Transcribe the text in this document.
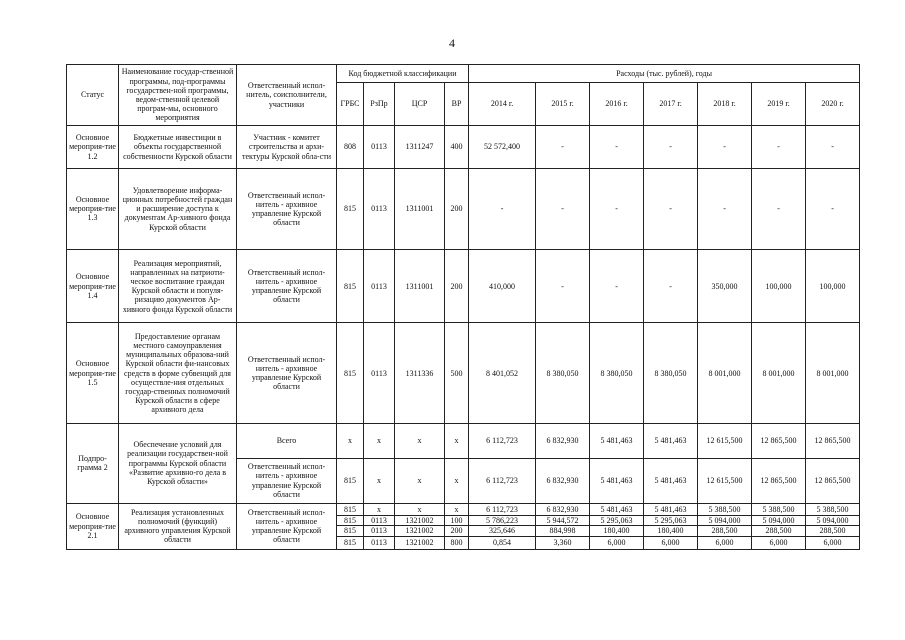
4
Статус	Наименование государ-ственной программы, под-программы государствен-ной программы, ведом-ственной целевой програм-мы, основного мероприятия	Ответственный испол-нитель, соисполнители, участники	Код бюджетной классификации				Расходы (тыс. рублей), годы						
			ГРБС	РзПр	ЦСР	ВР	2014 г.	2015 г.	2016 г.	2017 г.	2018 г.	2019 г.	2020 г.
Основное мероприя-тие 1.2	Бюджетные инвестиции в объекты государственной собственности Курской области	Участник - комитет строительства и архи-тектуры Курской обла-сти	808	0113	1311247	400	52 572,400	-	-	-	-	-	-
Основное мероприя-тие 1.3	Удовлетворение информа-ционных потребностей граждан и расширение доступа к документам Ар-хивного фонда Курской области	Ответственный испол-нитель - архивное управление Курской области	815	0113	1311001	200	-	-	-	-	-	-	-
Основное мероприя-тие 1.4	Реализация мероприятий, направленных на патриоти-ческое воспитание граждан Курской области и популя-ризацию документов Ар-хивного фонда Курской области	Ответственный испол-нитель - архивное управление Курской области	815	0113	1311001	200	410,000	-	-	-	350,000	100,000	100,000
Основное мероприя-тие 1.5	Предоставление органам местного самоуправления муниципальных образова-ний Курской области фи-нансовых средств в форме субвенций для осуществле-ния отдельных государ-ственных полномочий Курской области в сфере архивного дела	Ответственный испол-нитель - архивное управление Курской области	815	0113	1311336	500	8 401,052	8 380,050	8 380,050	8 380,050	8 001,000	8 001,000	8 001,000
Подпро-грамма 2	Обеспечение условий для реализации государствен-ной программы Курской области «Развитие архивно-го дела в Курской области»	Всего	x	x	x	x	6 112,723	6 832,930	5 481,463	5 481,463	12 615,500	12 865,500	12 865,500
		Ответственный испол-нитель - архивное управление Курской области	815	x	x	x	6 112,723	6 832,930	5 481,463	5 481,463	12 615,500	12 865,500	12 865,500
Основное мероприя-тие 2.1	Реализация установленных полномочий (функций) архивного управления Курской области	Ответственный испол-нитель - архивное управление Курской области	815	x	x	x	6 112,723	6 832,930	5 481,463	5 481,463	5 388,500	5 388,500	5 388,500
			815	0113	1321002	100	5 786,223	5 944,572	5 295,063	5 295,063	5 094,000	5 094,000	5 094,000
			815	0113	1321002	200	325,646	884,998	180,400	180,400	288,500	288,500	288,500
			815	0113	1321002	800	0,854	3,360	6,000	6,000	6,000	6,000	6,000
